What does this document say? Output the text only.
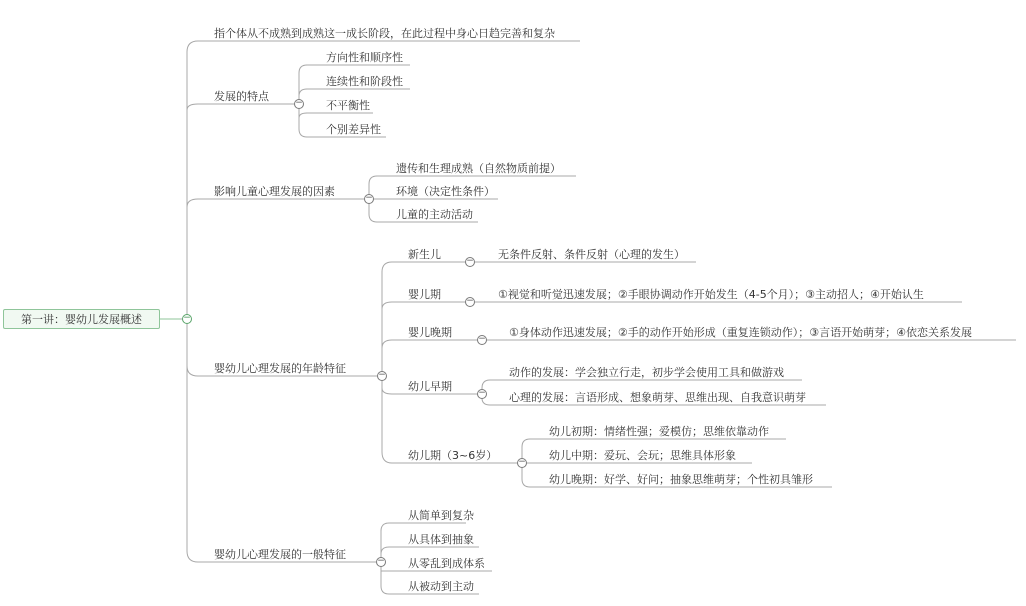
第一讲：婴幼儿发展概述	−
指个体从不成熟到成熟这一成长阶段，在此过程中身心日趋完善和复杂
发展的特点
影响儿童心理发展的因素
婴幼儿心理发展的年龄特征
婴幼儿心理发展的一般特征
−
−
−
−
方向性和顺序性
连续性和阶段性
不平衡性
个别差异性
遗传和生理成熟（自然物质前提）
环境（决定性条件）
儿童的主动活动
新生儿
婴儿期
婴儿晚期
幼儿早期
幼儿期（3~6岁）
−
−
−
−
−
无条件反射、条件反射（心理的发生）
①视觉和听觉迅速发展；②手眼协调动作开始发生（4-5个月）；③主动招人；④开始认生
①身体动作迅速发展；②手的动作开始形成（重复连锁动作）；③言语开始萌芽；④依恋关系发展
动作的发展：学会独立行走，初步学会使用工具和做游戏
心理的发展：言语形成、想象萌芽、思维出现、自我意识萌芽
幼儿初期：情绪性强；爱模仿；思维依靠动作
幼儿中期：爱玩、会玩；思维具体形象
幼儿晚期：好学、好问；抽象思维萌芽；个性初具雏形
从简单到复杂
从具体到抽象
从零乱到成体系
从被动到主动
